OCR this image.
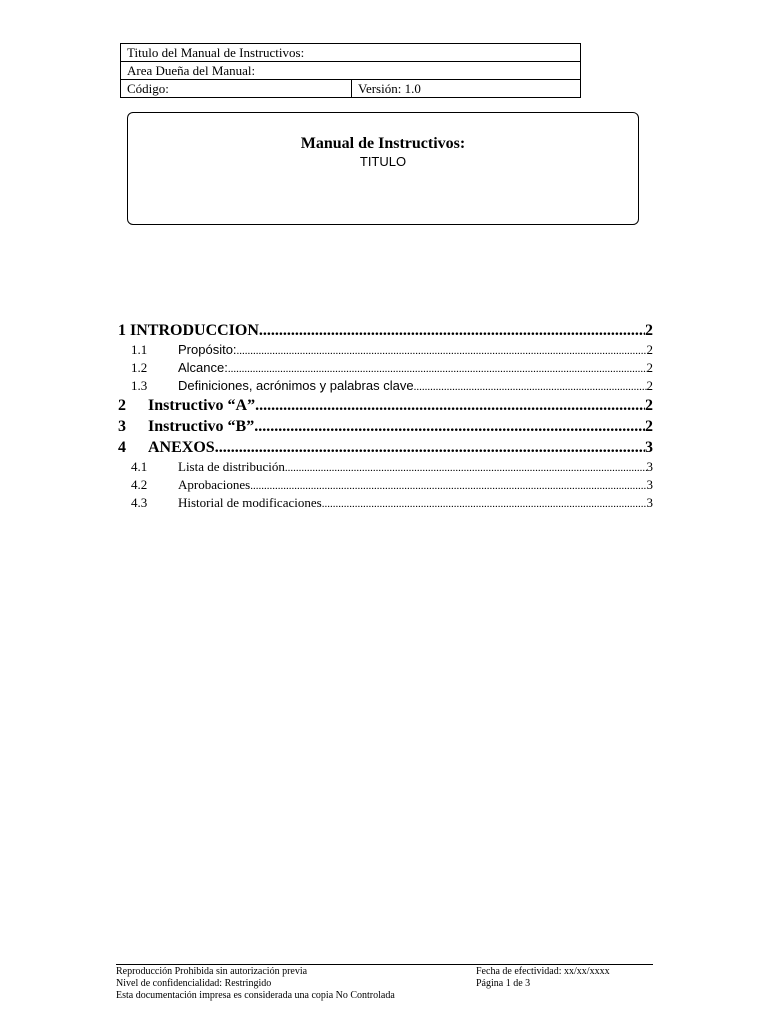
Titulo del Manual de Instructivos:
Area Dueña del Manual:
Código:	Versión: 1.0
Manual de Instructivos:
TITULO
1 INTRODUCCION .....	2
1.1	Propósito: .....	2
1.2	Alcance: .....	2
1.3	Definiciones, acrónimos y palabras clave .....	2
2	Instructivo “A” .....	2
3	Instructivo “B” .....	2
4	ANEXOS .....	3
4.1	Lista de distribución .....	3
4.2	Aprobaciones .....	3
4.3	Historial de modificaciones .....	3
Reproducción Prohibida sin autorización previa	Fecha de efectividad: xx/xx/xxxx
Nivel de confidencialidad: Restringido	Página 1 de 3
Esta documentación impresa es considerada una copia No Controlada
